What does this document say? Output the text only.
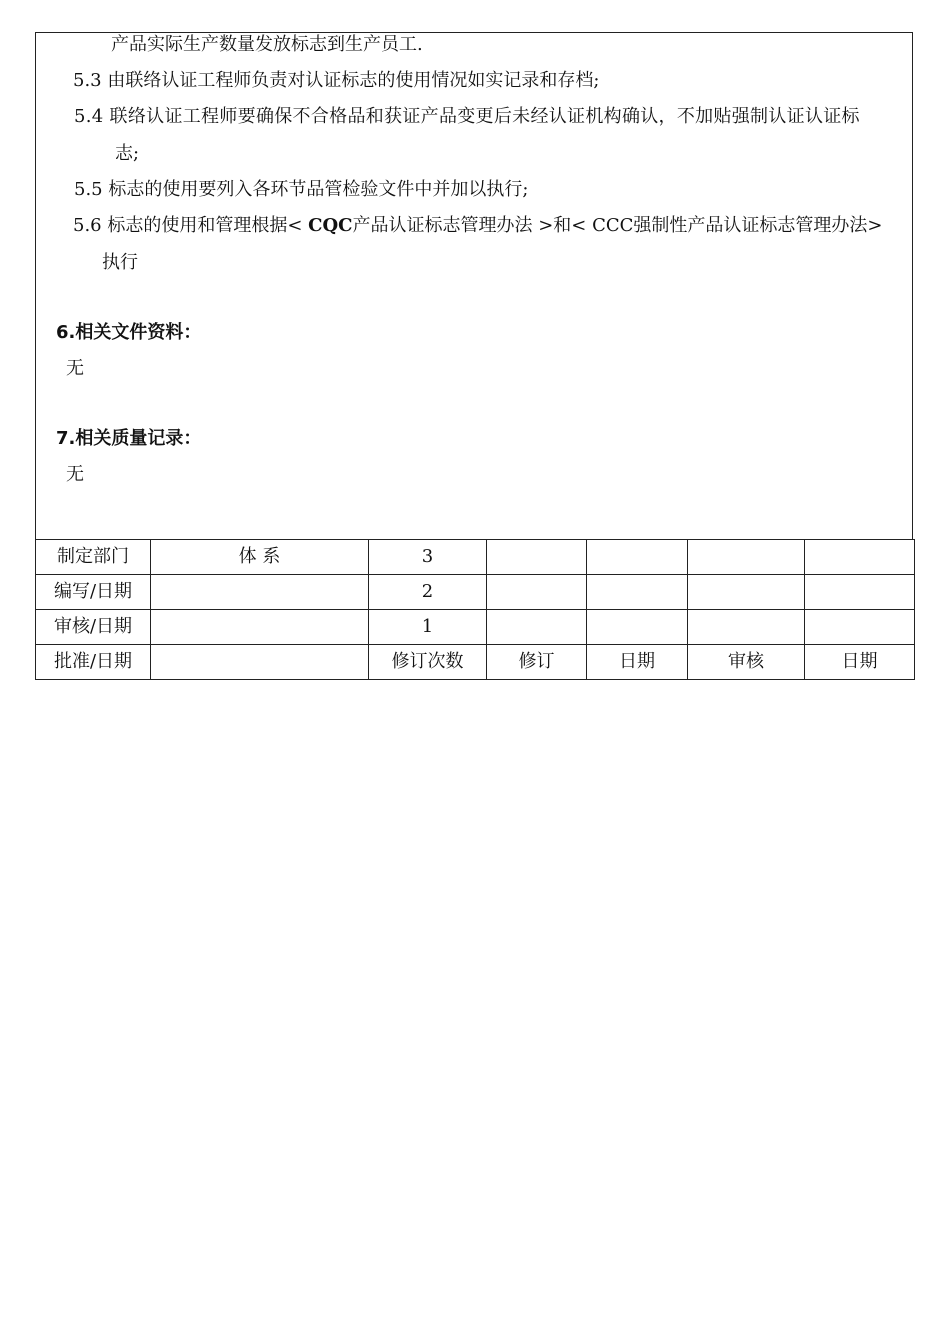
产品实际生产数量发放标志到生产员工.
5.3 由联络认证工程师负责对认证标志的使用情况如实记录和存档;
5.4 联络认证工程师要确保不合格品和获证产品变更后未经认证机构确认，不加贴强制认证认证标
志;
5.5 标志的使用要列入各环节品管检验文件中并加以执行;
5.6 标志的使用和管理根据< CQC产品认证标志管理办法 >和< CCC强制性产品认证标志管理办法>
执行
6.相关文件资料：
无
7.相关质量记录：
无
制定部门	体 系	3				
编写/日期		2				
审核/日期		1				
批准/日期		修订次数	修订	日期	审核	日期
